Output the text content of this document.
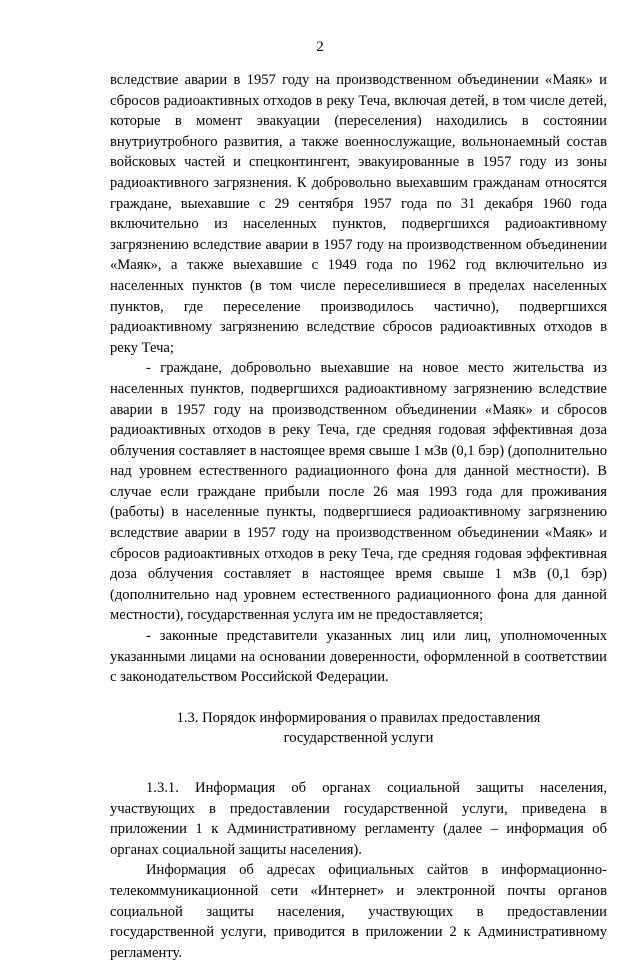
2

вследствие аварии в 1957 году на производственном объединении «Маяк» и сбросов радиоактивных отходов в реку Теча, включая детей, в том числе детей, которые в момент эвакуации (переселения) находились в состоянии внутриутробного развития, а также военнослужащие, вольнонаемный состав войсковых частей и спецконтингент, эвакуированные в 1957 году из зоны радиоактивного загрязнения. К добровольно выехавшим гражданам относятся граждане, выехавшие с 29 сентября 1957 года по 31 декабря 1960 года включительно из населенных пунктов, подвергшихся радиоактивному загрязнению вследствие аварии в 1957 году на производственном объединении «Маяк», а также выехавшие с 1949 года по 1962 год включительно из населенных пунктов (в том числе переселившиеся в пределах населенных пунктов, где переселение производилось частично), подвергшихся радиоактивному загрязнению вследствие сбросов радиоактивных отходов в реку Теча;

- граждане, добровольно выехавшие на новое место жительства из населенных пунктов, подвергшихся радиоактивному загрязнению вследствие аварии в 1957 году на производственном объединении «Маяк» и сбросов радиоактивных отходов в реку Теча, где средняя годовая эффективная доза облучения составляет в настоящее время свыше 1 мЗв (0,1 бэр) (дополнительно над уровнем естественного радиационного фона для данной местности). В случае если граждане прибыли после 26 мая 1993 года для проживания (работы) в населенные пункты, подвергшиеся радиоактивному загрязнению вследствие аварии в 1957 году на производственном объединении «Маяк» и сбросов радиоактивных отходов в реку Теча, где средняя годовая эффективная доза облучения составляет в настоящее время свыше 1 мЗв (0,1 бэр) (дополнительно над уровнем естественного радиационного фона для данной местности), государственная услуга им не предоставляется;

- законные представители указанных лиц или лиц, уполномоченных указанными лицами на основании доверенности, оформленной в соответствии с законодательством Российской Федерации.

1.3. Порядок информирования о правилах предоставления
государственной услуги

1.3.1. Информация об органах социальной защиты населения, участвующих в предоставлении государственной услуги, приведена в приложении 1 к Административному регламенту (далее – информация об органах социальной защиты населения).

Информация об адресах официальных сайтов в информационно-телекоммуникационной сети «Интернет» и электронной почты органов социальной защиты населения, участвующих в предоставлении государственной услуги, приводится в приложении 2 к Административному регламенту.
